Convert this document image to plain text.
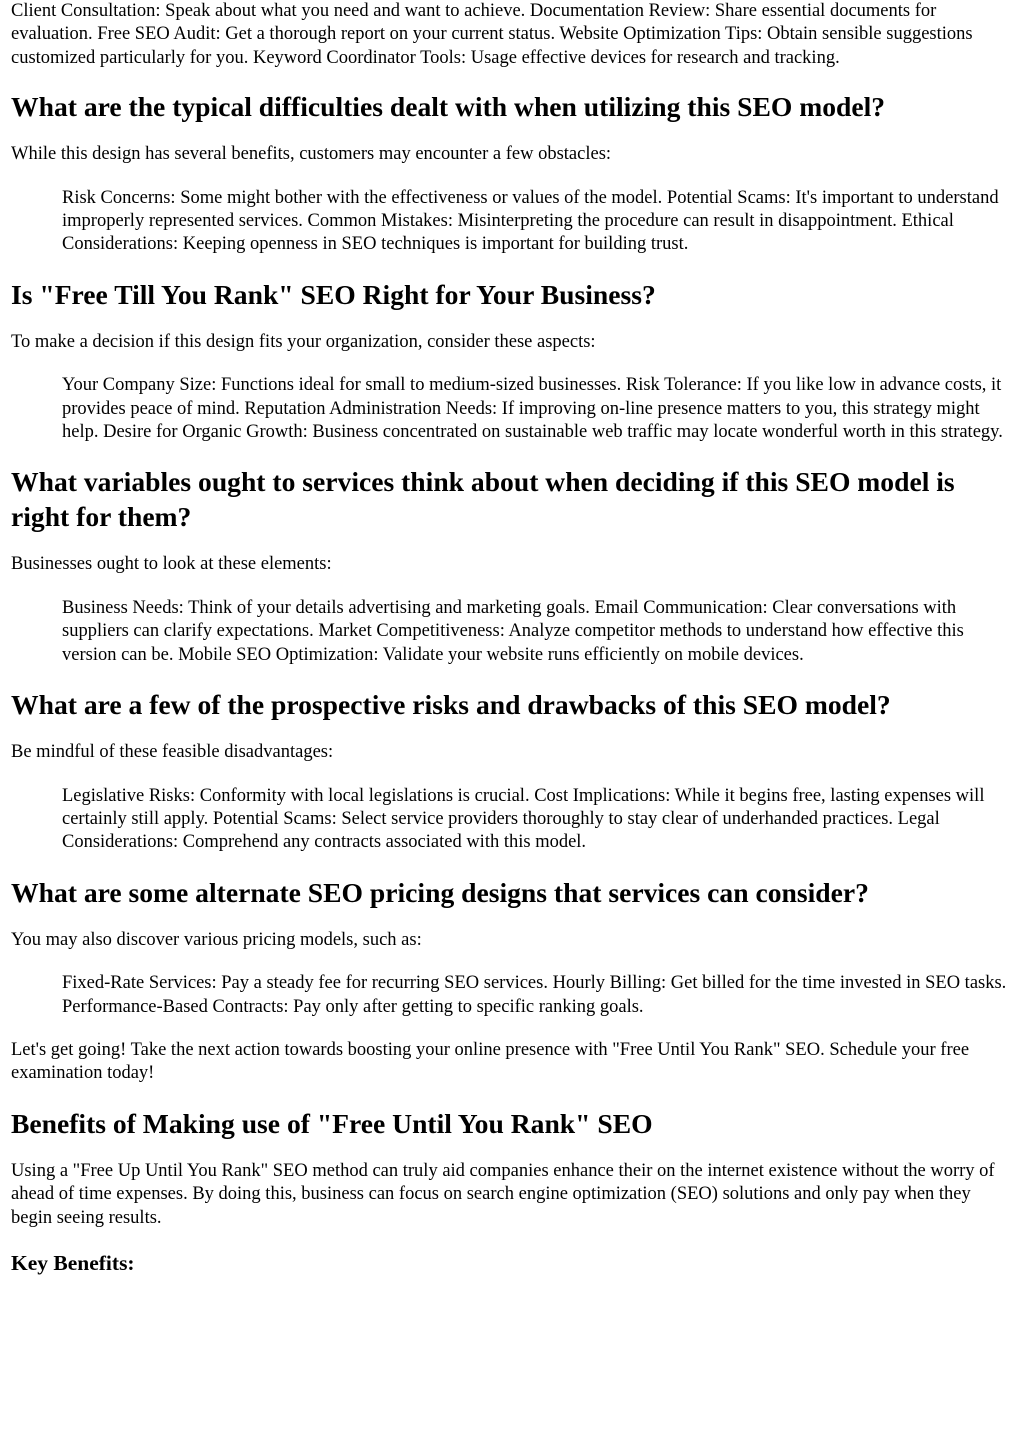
Client Consultation: Speak about what you need and want to achieve. Documentation Review: Share essential documents for evaluation. Free SEO Audit: Get a thorough report on your current status. Website Optimization Tips: Obtain sensible suggestions customized particularly for you. Keyword Coordinator Tools: Usage effective devices for research and tracking.

What are the typical difficulties dealt with when utilizing this SEO model?

While this design has several benefits, customers may encounter a few obstacles:

Risk Concerns: Some might bother with the effectiveness or values of the model. Potential Scams: It's important to understand improperly represented services. Common Mistakes: Misinterpreting the procedure can result in disappointment. Ethical Considerations: Keeping openness in SEO techniques is important for building trust.

Is "Free Till You Rank" SEO Right for Your Business?

To make a decision if this design fits your organization, consider these aspects:

Your Company Size: Functions ideal for small to medium-sized businesses. Risk Tolerance: If you like low in advance costs, it provides peace of mind. Reputation Administration Needs: If improving on-line presence matters to you, this strategy might help. Desire for Organic Growth: Business concentrated on sustainable web traffic may locate wonderful worth in this strategy.

What variables ought to services think about when deciding if this SEO model is right for them?

Businesses ought to look at these elements:

Business Needs: Think of your details advertising and marketing goals. Email Communication: Clear conversations with suppliers can clarify expectations. Market Competitiveness: Analyze competitor methods to understand how effective this version can be. Mobile SEO Optimization: Validate your website runs efficiently on mobile devices.

What are a few of the prospective risks and drawbacks of this SEO model?

Be mindful of these feasible disadvantages:

Legislative Risks: Conformity with local legislations is crucial. Cost Implications: While it begins free, lasting expenses will certainly still apply. Potential Scams: Select service providers thoroughly to stay clear of underhanded practices. Legal Considerations: Comprehend any contracts associated with this model.

What are some alternate SEO pricing designs that services can consider?

You may also discover various pricing models, such as:

Fixed-Rate Services: Pay a steady fee for recurring SEO services. Hourly Billing: Get billed for the time invested in SEO tasks. Performance-Based Contracts: Pay only after getting to specific ranking goals.

Let's get going! Take the next action towards boosting your online presence with "Free Until You Rank" SEO. Schedule your free examination today!

Benefits of Making use of "Free Until You Rank" SEO

Using a "Free Up Until You Rank" SEO method can truly aid companies enhance their on the internet existence without the worry of ahead of time expenses. By doing this, business can focus on search engine optimization (SEO) solutions and only pay when they begin seeing results.

Key Benefits:
